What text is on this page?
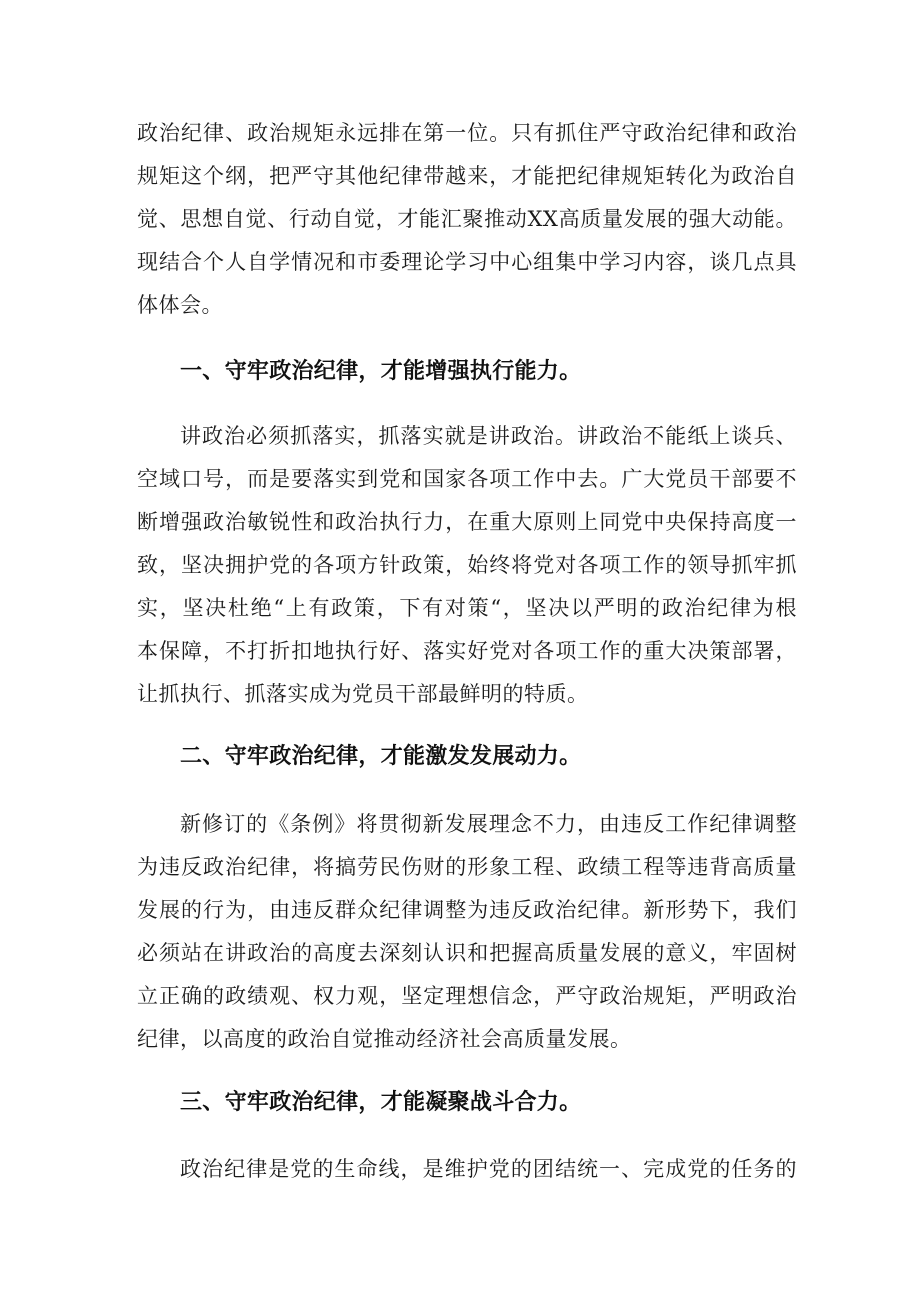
政治纪律、政治规矩永远排在第一位。只有抓住严守政治纪律和政治

规矩这个纲，把严守其他纪律带越来，才能把纪律规矩转化为政治自

觉、思想自觉、行动自觉，才能汇聚推动XX高质量发展的强大动能。

现结合个人自学情况和市委理论学习中心组集中学习内容，谈几点具

体体会。

一、守牢政治纪律，才能增强执行能力。

讲政治必须抓落实，抓落实就是讲政治。讲政治不能纸上谈兵、

空域口号，而是要落实到党和国家各项工作中去。广大党员干部要不

断增强政治敏锐性和政治执行力，在重大原则上同党中央保持高度一

致，坚决拥护党的各项方针政策，始终将党对各项工作的领导抓牢抓

实，坚决杜绝“上有政策，下有对策“，坚决以严明的政治纪律为根

本保障，不打折扣地执行好、落实好党对各项工作的重大决策部署，

让抓执行、抓落实成为党员干部最鲜明的特质。

二、守牢政治纪律，才能激发发展动力。

新修订的《条例》将贯彻新发展理念不力，由违反工作纪律调整

为违反政治纪律，将搞劳民伤财的形象工程、政绩工程等违背高质量

发展的行为，由违反群众纪律调整为违反政治纪律。新形势下，我们

必须站在讲政治的高度去深刻认识和把握高质量发展的意义，牢固树

立正确的政绩观、权力观，坚定理想信念，严守政治规矩，严明政治

纪律，以高度的政治自觉推动经济社会高质量发展。

三、守牢政治纪律，才能凝聚战斗合力。

政治纪律是党的生命线，是维护党的团结统一、完成党的任务的
